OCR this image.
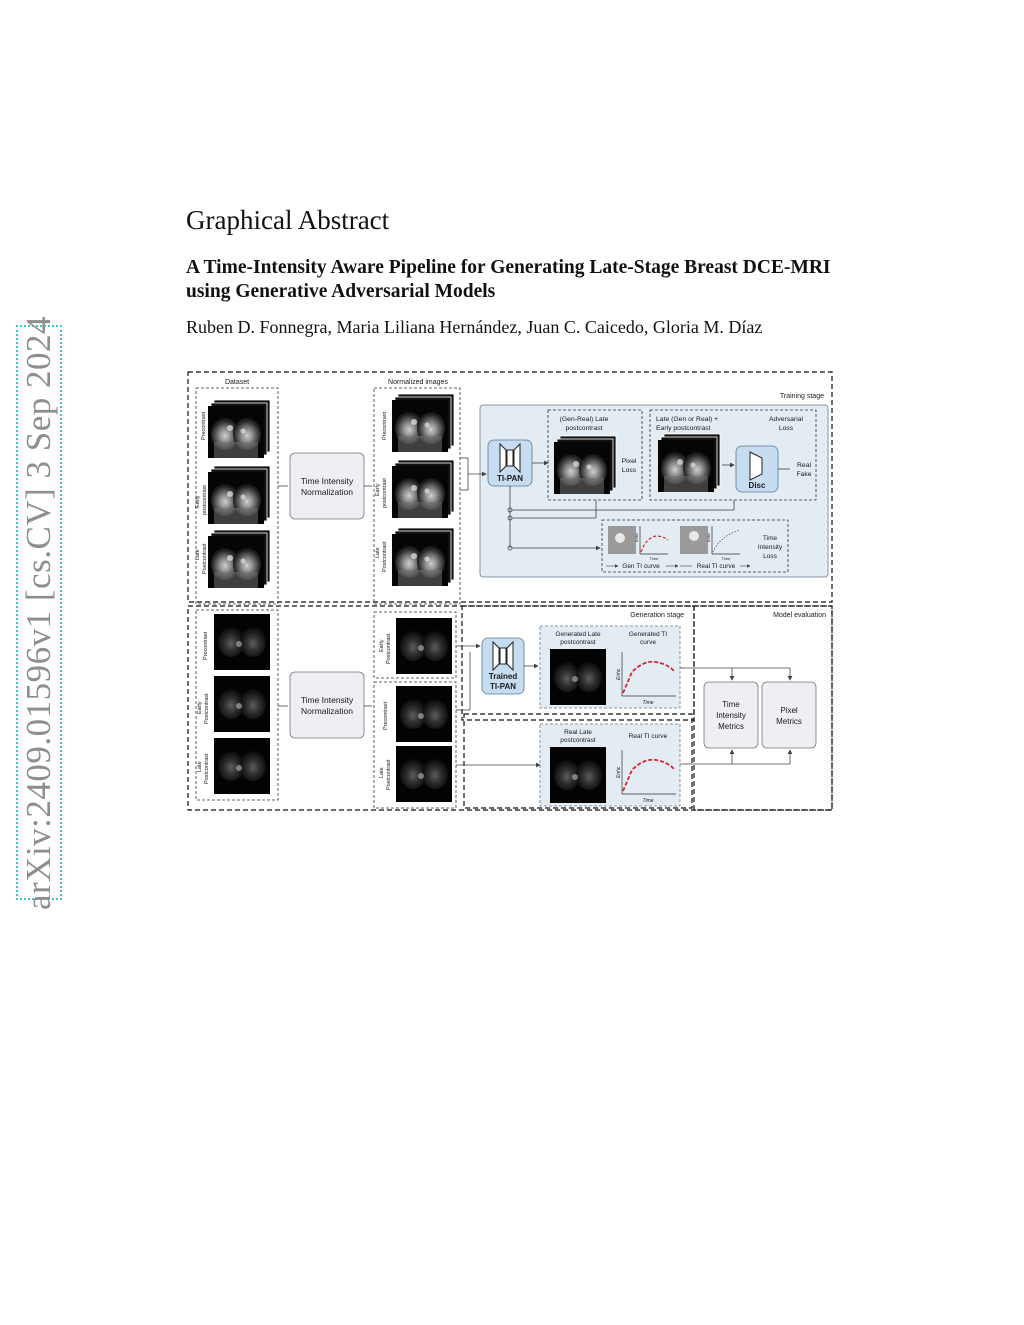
arXiv:2409.01596v1 [cs.CV] 3 Sep 2024
Graphical Abstract
A Time-Intensity Aware Pipeline for Generating Late-Stage Breast DCE-MRI using Generative Adversarial Models
Ruben D. Fonnegra, Maria Liliana Hernández, Juan C. Caicedo, Gloria M. Díaz
Training stage
Dataset
Precontrast
Early postcontrast
Late Postcontrast
Time Intensity
Normalization
Normalized images
Precontrast
Early postcontrast
Late Postcontrast
TI-PAN
(Gen-Real) Late
postcontrast
Pixel
Loss
Late (Gen or Real) +
Early postcontrast
Adversarial
Loss
Disc
Real
Fake
Time
Enhc
Time
Enhc	Time
Intensity
Loss
Gen TI curve	Real TI curve
Generation stage	Model evaluation
Precontrast
Early Postcontrast
Late Postcontrast
Time Intensity
Normalization
Early Postcontrast
Precontrast
Late Postcontrast
Trained
TI-PAN
Generated Late
postcontrast
Generated TI
curve
Enhc
Time
Real Late
postcontrast
Real TI curve
Enhc
Time
Time
Intensity
Metrics
Pixel
Metrics
